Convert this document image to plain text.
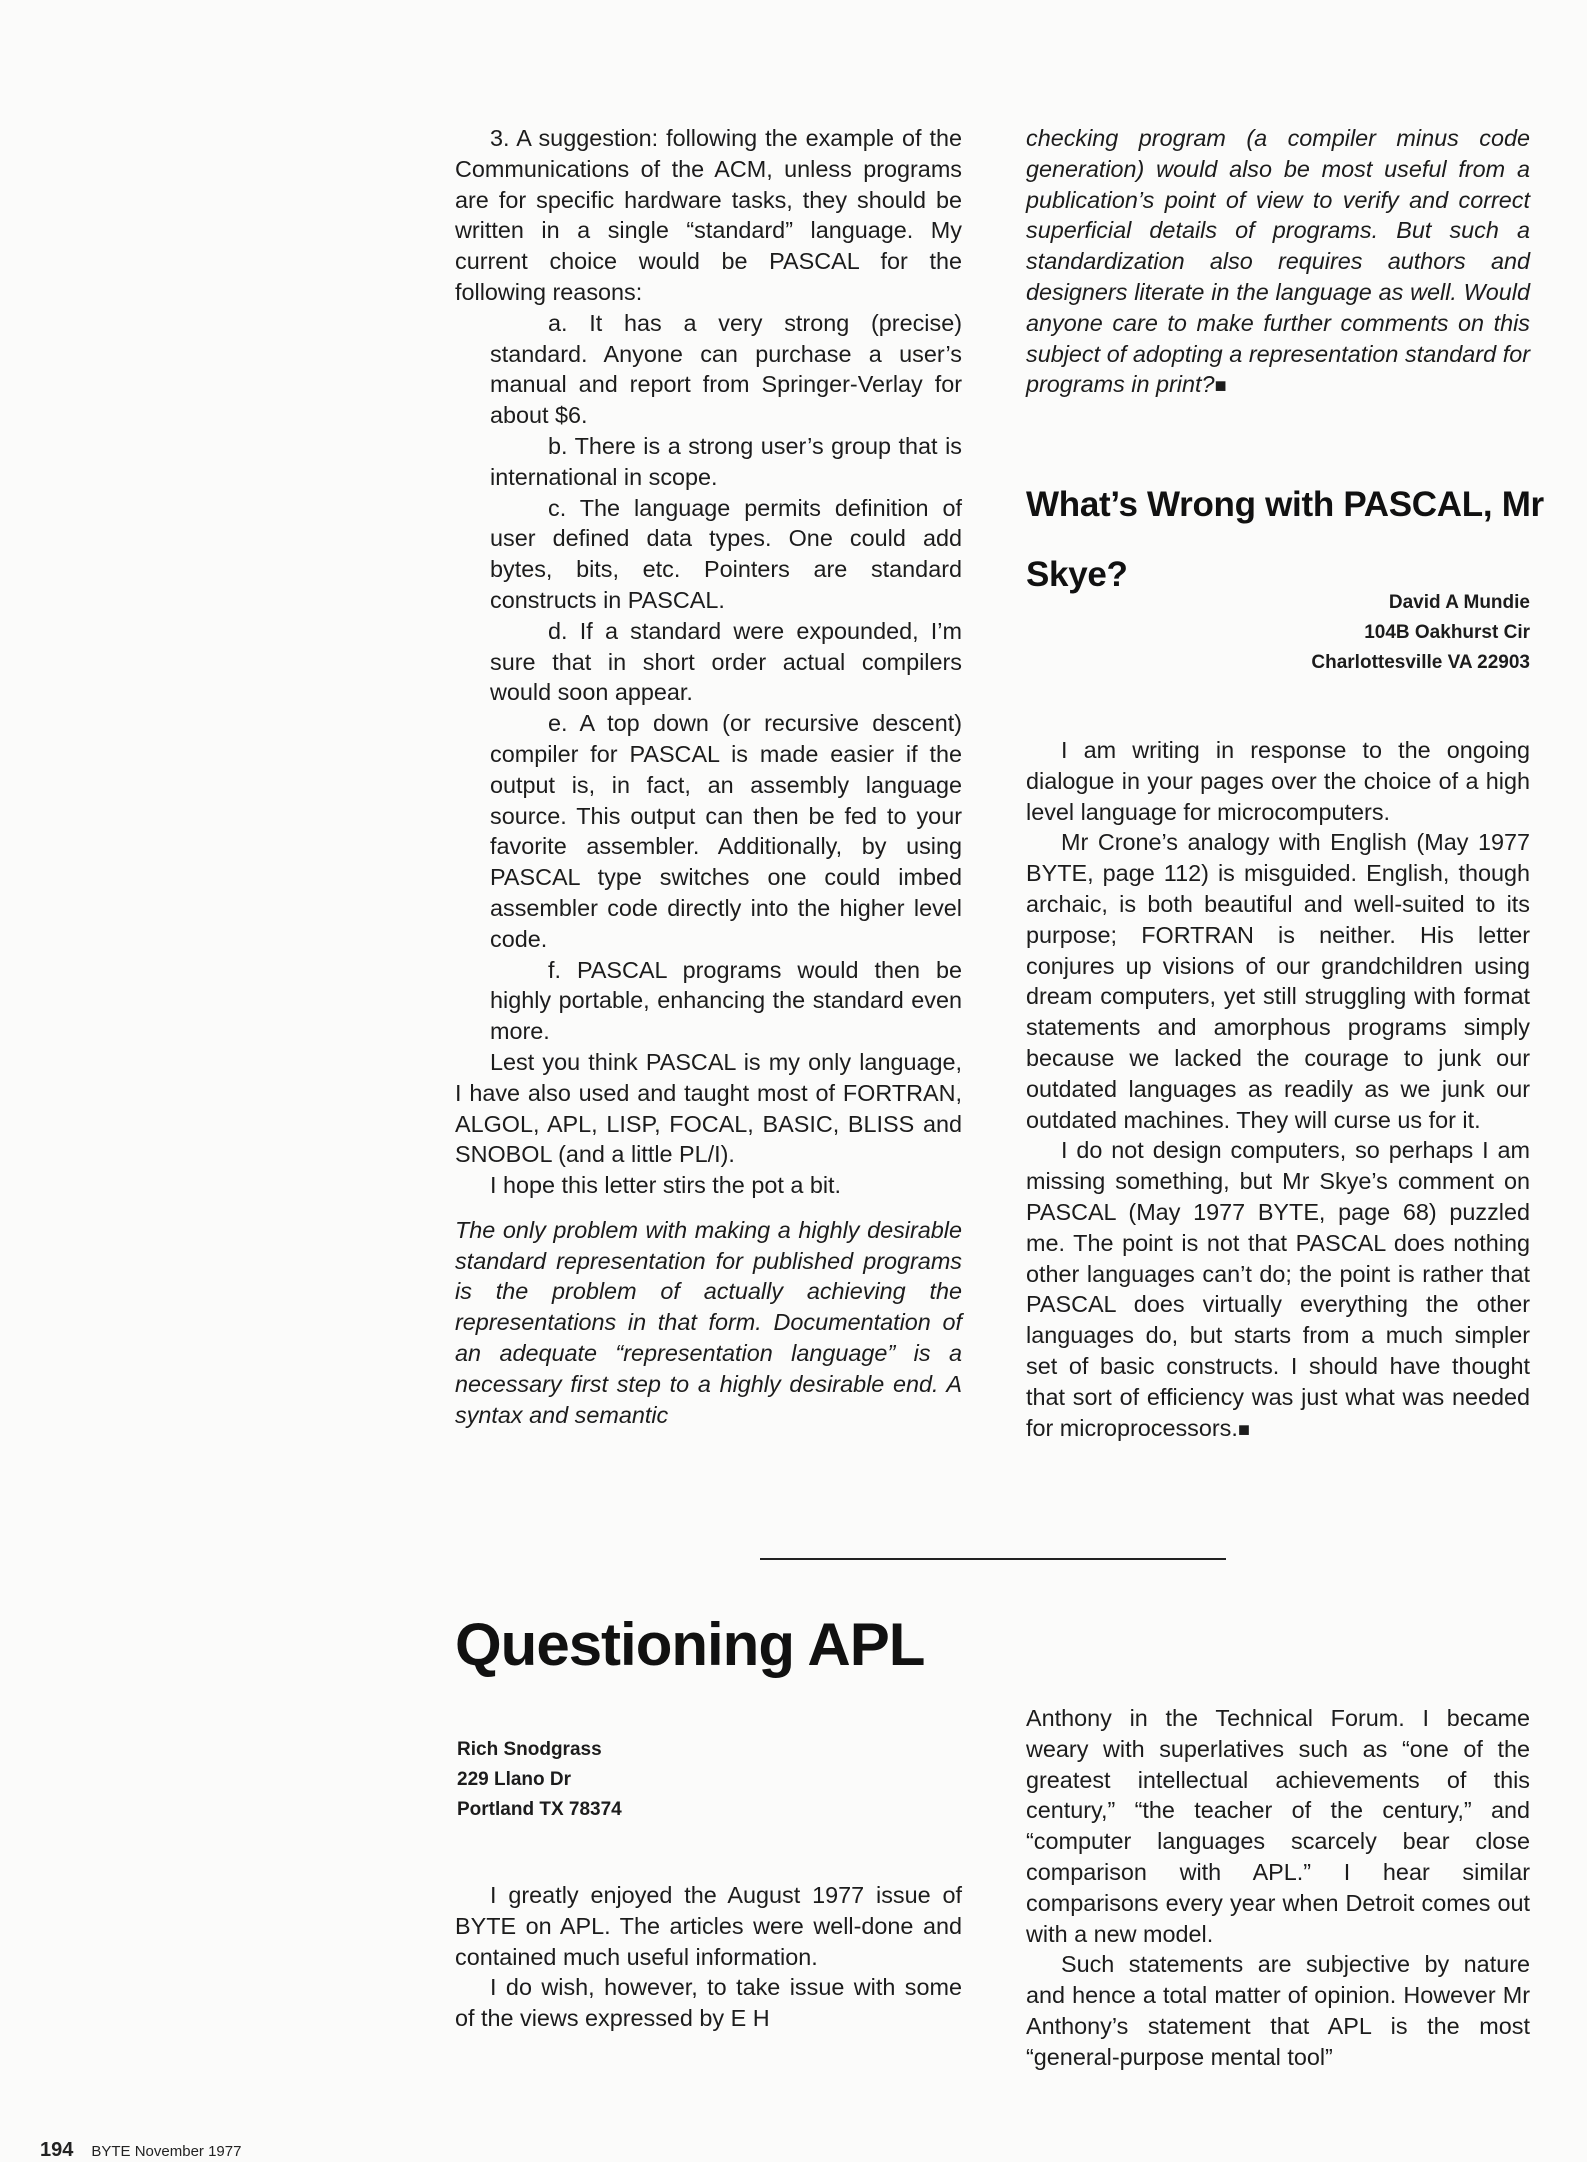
3. A suggestion: following the example of the Communications of the ACM, unless programs are for specific hardware tasks, they should be written in a single “standard” language. My current choice would be PASCAL for the following reasons:

a. It has a very strong (precise) standard. Anyone can purchase a user’s manual and report from Springer-Verlay for about $6.

b. There is a strong user’s group that is international in scope.

c. The language permits definition of user defined data types. One could add bytes, bits, etc. Pointers are standard constructs in PASCAL.

d. If a standard were expounded, I’m sure that in short order actual compilers would soon appear.

e. A top down (or recursive descent) compiler for PASCAL is made easier if the output is, in fact, an assembly language source. This output can then be fed to your favorite assembler. Additionally, by using PASCAL type switches one could imbed assembler code directly into the higher level code.

f. PASCAL programs would then be highly portable, enhancing the standard even more.

Lest you think PASCAL is my only language, I have also used and taught most of FORTRAN, ALGOL, APL, LISP, FOCAL, BASIC, BLISS and SNOBOL (and a little PL/I).

I hope this letter stirs the pot a bit.

The only problem with making a highly desirable standard representation for published programs is the problem of actually achieving the representations in that form. Documentation of an adequate “representation language” is a necessary first step to a highly desirable end. A syntax and semantic

checking program (a compiler minus code generation) would also be most useful from a publication’s point of view to verify and correct superficial details of programs. But such a standardization also requires authors and designers literate in the language as well. Would anyone care to make further comments on this subject of adopting a representation standard for programs in print?■

What’s Wrong with PASCAL, Mr Skye?
David A Mundie
104B Oakhurst Cir
Charlottesville VA 22903

I am writing in response to the ongoing dialogue in your pages over the choice of a high level language for microcomputers.

Mr Crone’s analogy with English (May 1977 BYTE, page 112) is misguided. English, though archaic, is both beautiful and well-suited to its purpose; FORTRAN is neither. His letter conjures up visions of our grandchildren using dream computers, yet still struggling with format statements and amorphous programs simply because we lacked the courage to junk our outdated languages as readily as we junk our outdated machines. They will curse us for it.

I do not design computers, so perhaps I am missing something, but Mr Skye’s comment on PASCAL (May 1977 BYTE, page 68) puzzled me. The point is not that PASCAL does nothing other languages can’t do; the point is rather that PASCAL does virtually everything the other languages do, but starts from a much simpler set of basic constructs. I should have thought that sort of efficiency was just what was needed for microprocessors.■

Questioning APL
Rich Snodgrass
229 Llano Dr
Portland TX 78374

I greatly enjoyed the August 1977 issue of BYTE on APL. The articles were well-done and contained much useful information.

I do wish, however, to take issue with some of the views expressed by E H

Anthony in the Technical Forum. I became weary with superlatives such as “one of the greatest intellectual achievements of this century,” “the teacher of the century,” and “computer languages scarcely bear close comparison with APL.” I hear similar comparisons every year when Detroit comes out with a new model.

Such statements are subjective by nature and hence a total matter of opinion. However Mr Anthony’s statement that APL is the most “general-purpose mental tool”

194 BYTE November 1977
